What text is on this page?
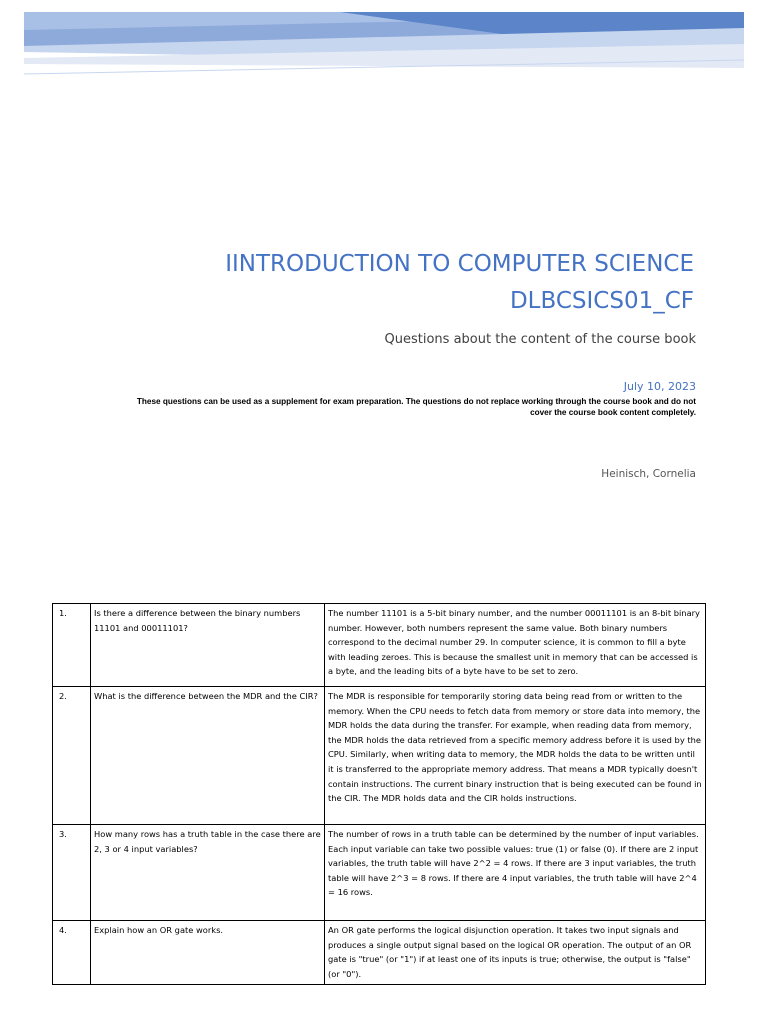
IINTRODUCTION TO COMPUTER SCIENCE
DLBCSICS01_CF
Questions about the content of the course book
July 10, 2023
These questions can be used as a supplement for exam preparation. The questions do not replace working through the course book and do not cover the course book content completely.
Heinisch, Cornelia
1.	Is there a difference between the binary numbers 11101 and 00011101?	The number 11101 is a 5-bit binary number, and the number 00011101 is an 8-bit binary number. However, both numbers represent the same value. Both binary numbers correspond to the decimal number 29. In computer science, it is common to fill a byte with leading zeroes. This is because the smallest unit in memory that can be accessed is a byte, and the leading bits of a byte have to be set to zero.
2.	What is the difference between the MDR and the CIR?	The MDR is responsible for temporarily storing data being read from or written to the memory. When the CPU needs to fetch data from memory or store data into memory, the MDR holds the data during the transfer. For example, when reading data from memory, the MDR holds the data retrieved from a specific memory address before it is used by the CPU. Similarly, when writing data to memory, the MDR holds the data to be written until it is transferred to the appropriate memory address. That means a MDR typically doesn't contain instructions. The current binary instruction that is being executed can be found in the CIR. The MDR holds data and the CIR holds instructions.
3.	How many rows has a truth table in the case there are 2, 3 or 4 input variables?	The number of rows in a truth table can be determined by the number of input variables. Each input variable can take two possible values: true (1) or false (0). If there are 2 input variables, the truth table will have 2^2 = 4 rows. If there are 3 input variables, the truth table will have 2^3 = 8 rows. If there are 4 input variables, the truth table will have 2^4 = 16 rows.
4.	Explain how an OR gate works.	An OR gate performs the logical disjunction operation. It takes two input signals and produces a single output signal based on the logical OR operation. The output of an OR gate is "true" (or "1") if at least one of its inputs is true; otherwise, the output is "false" (or "0").
